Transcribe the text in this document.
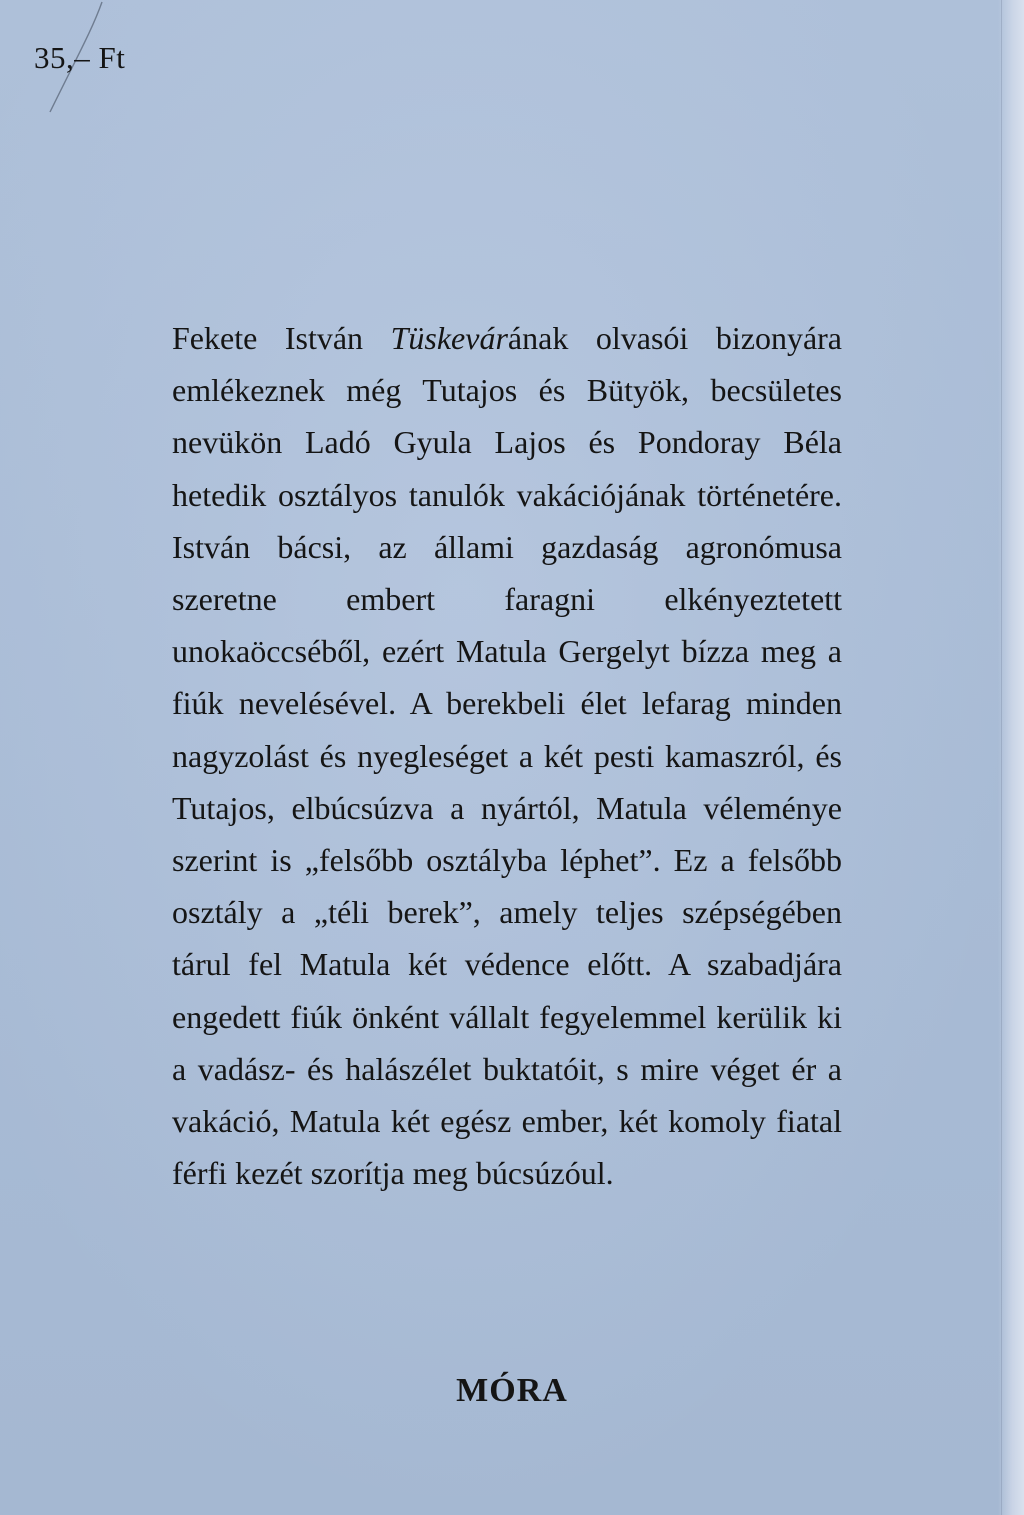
35,– Ft

Fekete István Tüskevárának olvasói bizonyára emlékeznek még Tutajos és Bütyök, becsületes nevükön Ladó Gyula Lajos és Pondoray Béla hetedik osztályos tanulók vakációjának történetére. István bácsi, az állami gazdaság agronómusa szeretne embert faragni elkényeztetett unokaöccséből, ezért Matula Gergelyt bízza meg a fiúk nevelésével. A berekbeli élet lefarag minden nagyzolást és nyegleséget a két pesti kamaszról, és Tutajos, elbúcsúzva a nyártól, Matula véleménye szerint is „felsőbb osztályba léphet”. Ez a felsőbb osztály a „téli berek”, amely teljes szépségében tárul fel Matula két védence előtt. A szabadjára engedett fiúk önként vállalt fegyelemmel kerülik ki a vadász- és halászélet buktatóit, s mire véget ér a vakáció, Matula két egész ember, két komoly fiatal férfi kezét szorítja meg búcsúzóul.

MÓRA
